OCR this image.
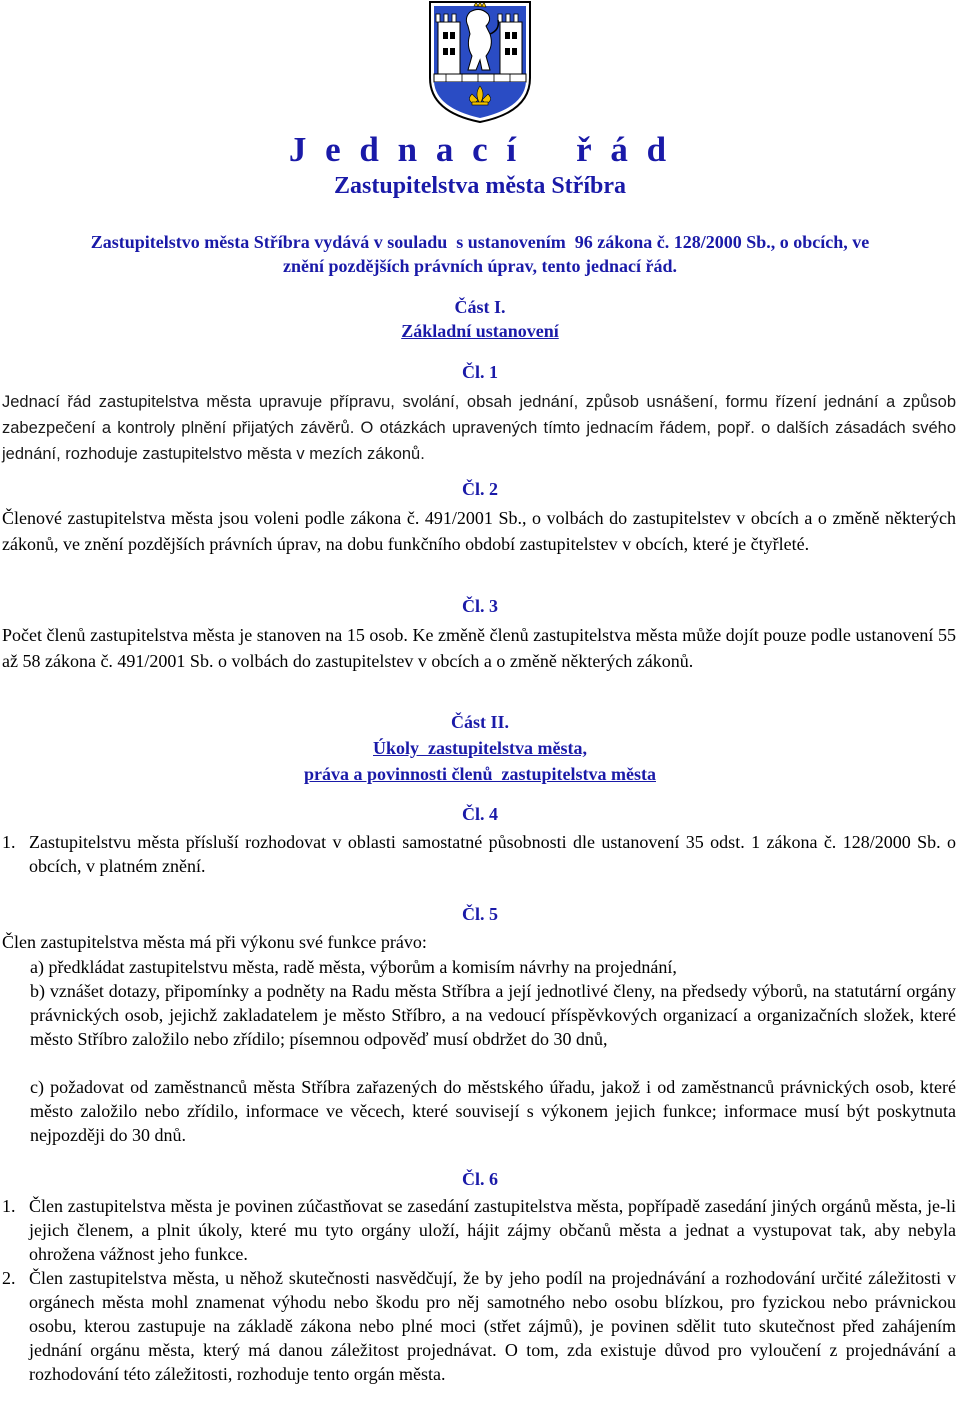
J e d n a c í    ř á d
Zastupitelstva města Stříbra
Zastupitelstvo města Stříbra vydává v souladu  s ustanovením  96 zákona č. 128/2000 Sb., o obcích, ve
znění pozdějších právních úprav, tento jednací řád.
Část I.
Základní ustanovení
Čl. 1
Jednací řád zastupitelstva města upravuje přípravu, svolání, obsah jednání, způsob usnášení, formu řízení jednání a způsob zabezpečení a kontroly plnění přijatých závěrů. O otázkách upravených tímto jednacím řádem, popř. o dalších zásadách svého jednání, rozhoduje zastupitelstvo města v mezích zákonů.
Čl. 2
Členové zastupitelstva města jsou voleni podle zákona č. 491/2001 Sb., o volbách do zastupitelstev v obcích a o změně některých zákonů, ve znění pozdějších právních úprav, na dobu funkčního období zastupitelstev v obcích, které je čtyřleté.
Čl. 3
Počet členů zastupitelstva města je stanoven na 15 osob. Ke změně členů zastupitelstva města může dojít pouze podle ustanovení 55 až 58 zákona č. 491/2001 Sb. o volbách do zastupitelstev v obcích a o změně některých zákonů.
Část II.
Úkoly  zastupitelstva města,
práva a povinnosti členů  zastupitelstva města
Čl. 4
1. Zastupitelstvu města přísluší rozhodovat v oblasti samostatné působnosti dle ustanovení 35 odst. 1 zákona č. 128/2000 Sb. o obcích, v platném znění.
Čl. 5
Člen zastupitelstva města má při výkonu své funkce právo:
a) předkládat zastupitelstvu města, radě města, výborům a komisím návrhy na projednání,
b) vznášet dotazy, připomínky a podněty na Radu města Stříbra a její jednotlivé členy, na předsedy výborů, na statutární orgány právnických osob, jejichž zakladatelem je město Stříbro, a na vedoucí příspěvkových organizací a organizačních složek, které město Stříbro založilo nebo zřídilo; písemnou odpověď musí obdržet do 30 dnů,
c) požadovat od zaměstnanců města Stříbra zařazených do městského úřadu, jakož i od zaměstnanců právnických osob, které město založilo nebo zřídilo, informace ve věcech, které souvisejí s výkonem jejich funkce; informace musí být poskytnuta nejpozději do 30 dnů.
Čl. 6
1. Člen zastupitelstva města je povinen zúčastňovat se zasedání zastupitelstva města, popřípadě zasedání jiných orgánů města, je-li jejich členem, a plnit úkoly, které mu tyto orgány uloží, hájit zájmy občanů města a jednat a vystupovat tak, aby nebyla ohrožena vážnost jeho funkce.
2. Člen zastupitelstva města, u něhož skutečnosti nasvědčují, že by jeho podíl na projednávání a rozhodování určité záležitosti v orgánech města mohl znamenat výhodu nebo škodu pro něj samotného nebo osobu blízkou, pro fyzickou nebo právnickou osobu, kterou zastupuje na základě zákona nebo plné moci (střet zájmů), je povinen sdělit tuto skutečnost před zahájením jednání orgánu města, který má danou záležitost projednávat. O tom, zda existuje důvod pro vyloučení z projednávání a rozhodování této záležitosti, rozhoduje tento orgán města.
